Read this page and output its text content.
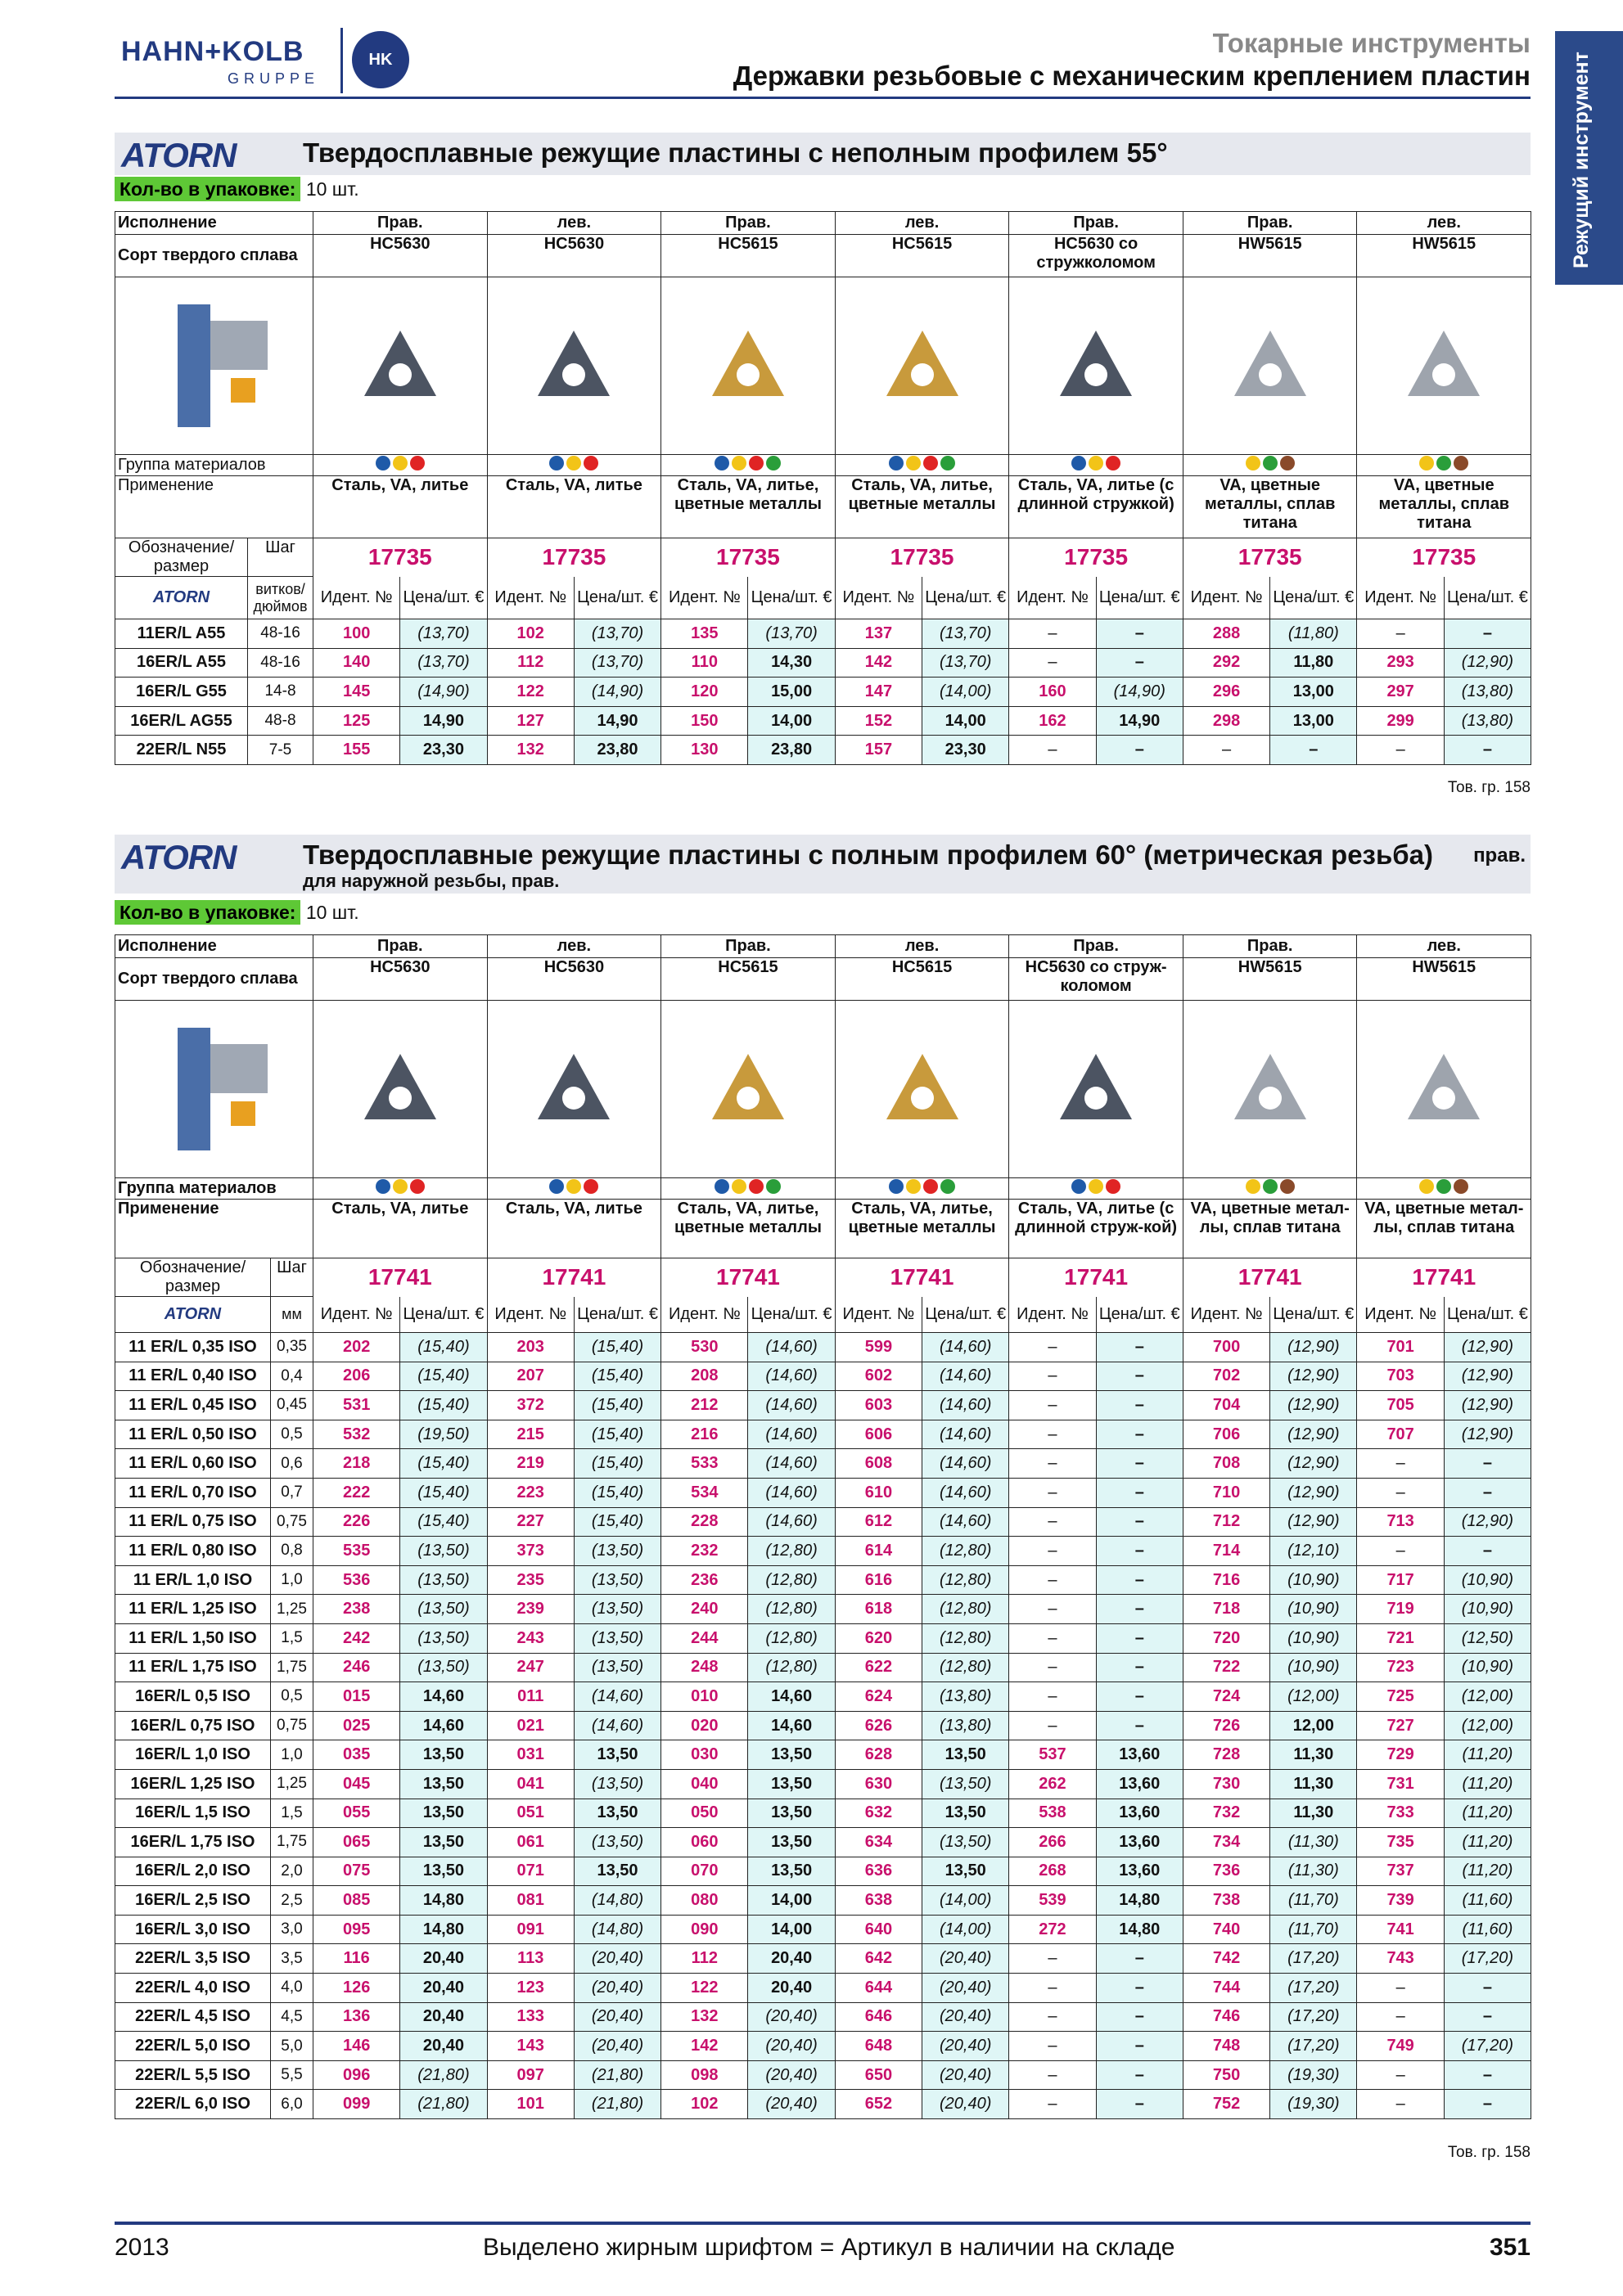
HAHN+KOLB
GRUPPE
HK
Токарные инструменты
Державки резьбовые с механическим креплением пластин Режущий инструмент
ATORN Твердосплавные режущие пластины с неполным профилем 55°
Кол-во в упаковке: 10 шт.
Исполнение		Прав.		лев.		Прав.		лев.		Прав.		Прав.		лев.	
Сорт твердого сплава		HC5630		HC5630		HC5615		HC5615		HC5630 со стружколомом		HW5615		HW5615	

Группа материалов									

Применение		Сталь, VA, литье		Сталь, VA, литье		Сталь, VA, литье, цветные металлы		Сталь, VA, литье, цветные металлы		Сталь, VA, литье (с длинной стружкой)		VA, цветные металлы, сплав титана		VA, цветные металлы, сплав титана	
Обозначение/ размер	Шаг	17735		17735		17735		17735		17735		17735		17735	
ATORN	витков/ дюймов	Идент. №	Цена/шт. €	Идент. №	Цена/шт. €	Идент. №	Цена/шт. €	Идент. №	Цена/шт. €	Идент. №	Цена/шт. €	Идент. №	Цена/шт. €	Идент. №	Цена/шт. €
11ER/L A55	48-16	100	(13,70)	102	(13,70)	135	(13,70)	137	(13,70)	–	–	288	(11,80)	–	–
16ER/L A55	48-16	140	(13,70)	112	(13,70)	110	14,30	142	(13,70)	–	–	292	11,80	293	(12,90)
16ER/L G55	14-8	145	(14,90)	122	(14,90)	120	15,00	147	(14,00)	160	(14,90)	296	13,00	297	(13,80)
16ER/L AG55	48-8	125	14,90	127	14,90	150	14,00	152	14,00	162	14,90	298	13,00	299	(13,80)
22ER/L N55	7-5	155	23,30	132	23,80	130	23,80	157	23,30	–	–	–	–	–	–
Тов. гр. 158
ATORN Твердосплавные режущие пластины с полным профилем 60° (метрическая резьба)
для наружной резьбы, прав.
прав.
Кол-во в упаковке: 10 шт.
Исполнение		Прав.		лев.		Прав.		лев.		Прав.		Прав.		лев.	
Сорт твердого сплава		HC5630		HC5630		HC5615		HC5615		HC5630 со струж-коломом		HW5615		HW5615	

Группа материалов									

Применение		Сталь, VA, литье		Сталь, VA, литье		Сталь, VA, литье, цветные металлы		Сталь, VA, литье, цветные металлы		Сталь, VA, литье (с длинной струж-кой)		VA, цветные метал-лы, сплав титана		VA, цветные метал-лы, сплав титана	
Обозначение/ размер	Шаг	17741		17741		17741		17741		17741		17741		17741	
ATORN	мм	Идент. №	Цена/шт. €	Идент. №	Цена/шт. €	Идент. №	Цена/шт. €	Идент. №	Цена/шт. €	Идент. №	Цена/шт. €	Идент. №	Цена/шт. €	Идент. №	Цена/шт. €
11 ER/L 0,35 ISO	0,35	202	(15,40)	203	(15,40)	530	(14,60)	599	(14,60)	–	–	700	(12,90)	701	(12,90)
11 ER/L 0,40 ISO	0,4	206	(15,40)	207	(15,40)	208	(14,60)	602	(14,60)	–	–	702	(12,90)	703	(12,90)
11 ER/L 0,45 ISO	0,45	531	(15,40)	372	(15,40)	212	(14,60)	603	(14,60)	–	–	704	(12,90)	705	(12,90)
11 ER/L 0,50 ISO	0,5	532	(19,50)	215	(15,40)	216	(14,60)	606	(14,60)	–	–	706	(12,90)	707	(12,90)
11 ER/L 0,60 ISO	0,6	218	(15,40)	219	(15,40)	533	(14,60)	608	(14,60)	–	–	708	(12,90)	–	–
11 ER/L 0,70 ISO	0,7	222	(15,40)	223	(15,40)	534	(14,60)	610	(14,60)	–	–	710	(12,90)	–	–
11 ER/L 0,75 ISO	0,75	226	(15,40)	227	(15,40)	228	(14,60)	612	(14,60)	–	–	712	(12,90)	713	(12,90)
11 ER/L 0,80 ISO	0,8	535	(13,50)	373	(13,50)	232	(12,80)	614	(12,80)	–	–	714	(12,10)	–	–
11 ER/L 1,0 ISO	1,0	536	(13,50)	235	(13,50)	236	(12,80)	616	(12,80)	–	–	716	(10,90)	717	(10,90)
11 ER/L 1,25 ISO	1,25	238	(13,50)	239	(13,50)	240	(12,80)	618	(12,80)	–	–	718	(10,90)	719	(10,90)
11 ER/L 1,50 ISO	1,5	242	(13,50)	243	(13,50)	244	(12,80)	620	(12,80)	–	–	720	(10,90)	721	(12,50)
11 ER/L 1,75 ISO	1,75	246	(13,50)	247	(13,50)	248	(12,80)	622	(12,80)	–	–	722	(10,90)	723	(10,90)
16ER/L 0,5 ISO	0,5	015	14,60	011	(14,60)	010	14,60	624	(13,80)	–	–	724	(12,00)	725	(12,00)
16ER/L 0,75 ISO	0,75	025	14,60	021	(14,60)	020	14,60	626	(13,80)	–	–	726	12,00	727	(12,00)
16ER/L 1,0 ISO	1,0	035	13,50	031	13,50	030	13,50	628	13,50	537	13,60	728	11,30	729	(11,20)
16ER/L 1,25 ISO	1,25	045	13,50	041	(13,50)	040	13,50	630	(13,50)	262	13,60	730	11,30	731	(11,20)
16ER/L 1,5 ISO	1,5	055	13,50	051	13,50	050	13,50	632	13,50	538	13,60	732	11,30	733	(11,20)
16ER/L 1,75 ISO	1,75	065	13,50	061	(13,50)	060	13,50	634	(13,50)	266	13,60	734	(11,30)	735	(11,20)
16ER/L 2,0 ISO	2,0	075	13,50	071	13,50	070	13,50	636	13,50	268	13,60	736	(11,30)	737	(11,20)
16ER/L 2,5 ISO	2,5	085	14,80	081	(14,80)	080	14,00	638	(14,00)	539	14,80	738	(11,70)	739	(11,60)
16ER/L 3,0 ISO	3,0	095	14,80	091	(14,80)	090	14,00	640	(14,00)	272	14,80	740	(11,70)	741	(11,60)
22ER/L 3,5 ISO	3,5	116	20,40	113	(20,40)	112	20,40	642	(20,40)	–	–	742	(17,20)	743	(17,20)
22ER/L 4,0 ISO	4,0	126	20,40	123	(20,40)	122	20,40	644	(20,40)	–	–	744	(17,20)	–	–
22ER/L 4,5 ISO	4,5	136	20,40	133	(20,40)	132	(20,40)	646	(20,40)	–	–	746	(17,20)	–	–
22ER/L 5,0 ISO	5,0	146	20,40	143	(20,40)	142	(20,40)	648	(20,40)	–	–	748	(17,20)	749	(17,20)
22ER/L 5,5 ISO	5,5	096	(21,80)	097	(21,80)	098	(20,40)	650	(20,40)	–	–	750	(19,30)	–	–
22ER/L 6,0 ISO	6,0	099	(21,80)	101	(21,80)	102	(20,40)	652	(20,40)	–	–	752	(19,30)	–	–
Тов. гр. 158
2013	Выделено жирным шрифтом = Артикул в наличии на складе	351
